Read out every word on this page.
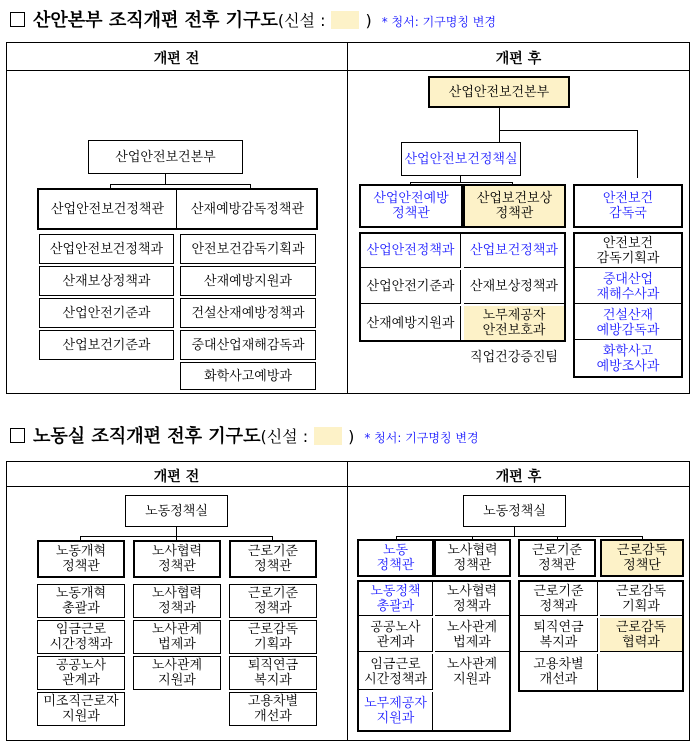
산안본부 조직개편 전후 기구도(신설 :	) * 청서: 기구명칭 변경
개편 전	개편 후
산업안전보건본부
산업안전보건정책관	산재예방감독정책관
산업안전보건정책과
산재보상정책과
산업안전기준과
산업보건기준과
안전보건감독기획과
산재예방지원과
건설산재예방정책과
중대산업재해감독과
화학사고예방과
산업안전보건본부
산업안전보건정책실
산업안전예방
정책관
산업보건보상
정책관
안전보건
감독국
산업안전정책과
산업안전기준과
산재예방지원과
산업보건정책과
산재보상정책과
노무제공자
안전보호과
직업건강증진팀
안전보건
감독기획과
중대산업
재해수사과
건설산재
예방감독과
화학사고
예방조사과
노동실 조직개편 전후 기구도(신설 :	) * 청서: 기구명칭 변경
개편 전	개편 후
노동정책실
노동개혁
정책관
노사협력
정책관
근로기준
정책관
노동개혁
총괄과
임금근로
시간정책과
공공노사
관계과
미조직근로자
지원과
노사협력
정책과
노사관계
법제과
노사관계
지원과
근로기준
정책과
근로감독
기획과
퇴직연금
복지과
고용차별
개선과
노동정책실
노동
정책관
노사협력
정책관
근로기준
정책관
근로감독
정책단
노동정책
총괄과
공공노사
관계과
임금근로
시간정책과
노무제공자
지원과
노사협력
정책과
노사관계
법제과
노사관계
지원과
근로기준
정책과
퇴직연금
복지과
고용차별
개선과
근로감독
기획과
근로감독
협력과
